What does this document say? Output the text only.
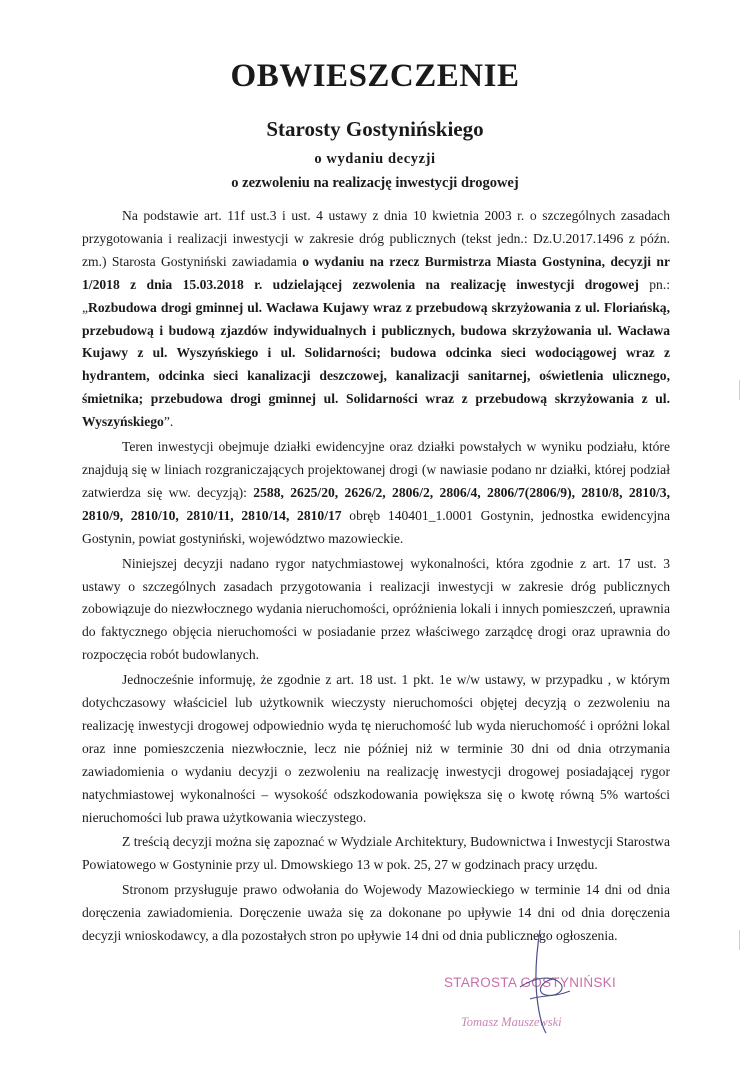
OBWIESZCZENIE
Starosty Gostynińskiego
o wydaniu decyzji
o zezwoleniu na realizację inwestycji drogowej

Na podstawie art. 11f ust.3 i ust. 4 ustawy z dnia 10 kwietnia 2003 r. o szczególnych zasadach przygotowania i realizacji inwestycji w zakresie dróg publicznych (tekst jedn.: Dz.U.2017.1496 z późn. zm.) Starosta Gostyniński zawiadamia o wydaniu na rzecz Burmistrza Miasta Gostynina, decyzji nr 1/2018 z dnia 15.03.2018 r. udzielającej zezwolenia na realizację inwestycji drogowej pn.: „Rozbudowa drogi gminnej ul. Wacława Kujawy wraz z przebudową skrzyżowania z ul. Floriańską, przebudową i budową zjazdów indywidualnych i publicznych, budowa skrzyżowania ul. Wacława Kujawy z ul. Wyszyńskiego i ul. Solidarności; budowa odcinka sieci wodociągowej wraz z hydrantem, odcinka sieci kanalizacji deszczowej, kanalizacji sanitarnej, oświetlenia ulicznego, śmietnika; przebudowa drogi gminnej ul. Solidarności wraz z przebudową skrzyżowania z ul. Wyszyńskiego”.

Teren inwestycji obejmuje działki ewidencyjne oraz działki powstałych w wyniku podziału, które znajdują się w liniach rozgraniczających projektowanej drogi (w nawiasie podano nr działki, której podział zatwierdza się ww. decyzją): 2588, 2625/20, 2626/2, 2806/2, 2806/4, 2806/7(2806/9), 2810/8, 2810/3, 2810/9, 2810/10, 2810/11, 2810/14, 2810/17 obręb 140401_1.0001 Gostynin, jednostka ewidencyjna Gostynin, powiat gostyniński, województwo mazowieckie.

Niniejszej decyzji nadano rygor natychmiastowej wykonalności, która zgodnie z art. 17 ust. 3 ustawy o szczególnych zasadach przygotowania i realizacji inwestycji w zakresie dróg publicznych zobowiązuje do niezwłocznego wydania nieruchomości, opróżnienia lokali i innych pomieszczeń, uprawnia do faktycznego objęcia nieruchomości w posiadanie przez właściwego zarządcę drogi oraz uprawnia do rozpoczęcia robót budowlanych.

Jednocześnie informuję, że zgodnie z art. 18 ust. 1 pkt. 1e w/w ustawy, w przypadku , w którym dotychczasowy właściciel lub użytkownik wieczysty nieruchomości objętej decyzją o zezwoleniu na realizację inwestycji drogowej odpowiednio wyda tę nieruchomość lub wyda nieruchomość i opróżni lokal oraz inne pomieszczenia niezwłocznie, lecz nie później niż w terminie 30 dni od dnia otrzymania zawiadomienia o wydaniu decyzji o zezwoleniu na realizację inwestycji drogowej posiadającej rygor natychmiastowej wykonalności – wysokość odszkodowania powiększa się o kwotę równą 5% wartości nieruchomości lub prawa użytkowania wieczystego.

Z treścią decyzji można się zapoznać w Wydziale Architektury, Budownictwa i Inwestycji Starostwa Powiatowego w Gostyninie przy ul. Dmowskiego 13 w pok. 25, 27 w godzinach pracy urzędu.

Stronom przysługuje prawo odwołania do Wojewody Mazowieckiego w terminie 14 dni od dnia doręczenia zawiadomienia. Doręczenie uważa się za dokonane po upływie 14 dni od dnia doręczenia decyzji wnioskodawcy, a dla pozostałych stron po upływie 14 dni od dnia publicznego ogłoszenia.

STAROSTA GOSTYNIŃSKI
Tomasz Mauszewski
